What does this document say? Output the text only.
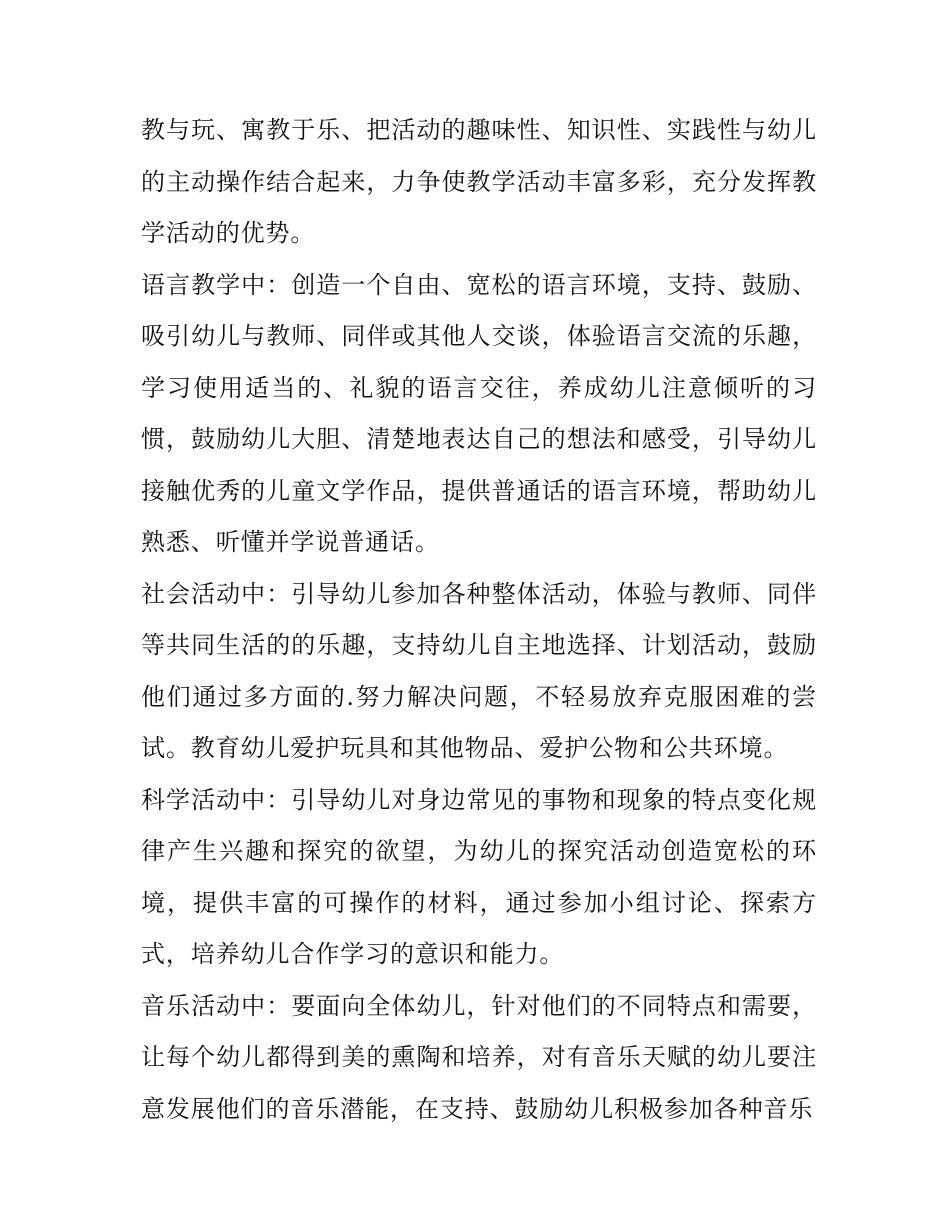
教与玩、寓教于乐、把活动的趣味性、知识性、实践性与幼儿的主动操作结合起来，力争使教学活动丰富多彩，充分发挥教学活动的优势。

语言教学中：创造一个自由、宽松的语言环境，支持、鼓励、吸引幼儿与教师、同伴或其他人交谈，体验语言交流的乐趣，学习使用适当的、礼貌的语言交往，养成幼儿注意倾听的习惯，鼓励幼儿大胆、清楚地表达自己的想法和感受，引导幼儿接触优秀的儿童文学作品，提供普通话的语言环境，帮助幼儿熟悉、听懂并学说普通话。

社会活动中：引导幼儿参加各种整体活动，体验与教师、同伴等共同生活的的乐趣，支持幼儿自主地选择、计划活动，鼓励他们通过多方面的.努力解决问题，不轻易放弃克服困难的尝试。教育幼儿爱护玩具和其他物品、爱护公物和公共环境。

科学活动中：引导幼儿对身边常见的事物和现象的特点变化规律产生兴趣和探究的欲望，为幼儿的探究活动创造宽松的环境，提供丰富的可操作的材料，通过参加小组讨论、探索方式，培养幼儿合作学习的意识和能力。

音乐活动中：要面向全体幼儿，针对他们的不同特点和需要，让每个幼儿都得到美的熏陶和培养，对有音乐天赋的幼儿要注意发展他们的音乐潜能，在支持、鼓励幼儿积极参加各种音乐
